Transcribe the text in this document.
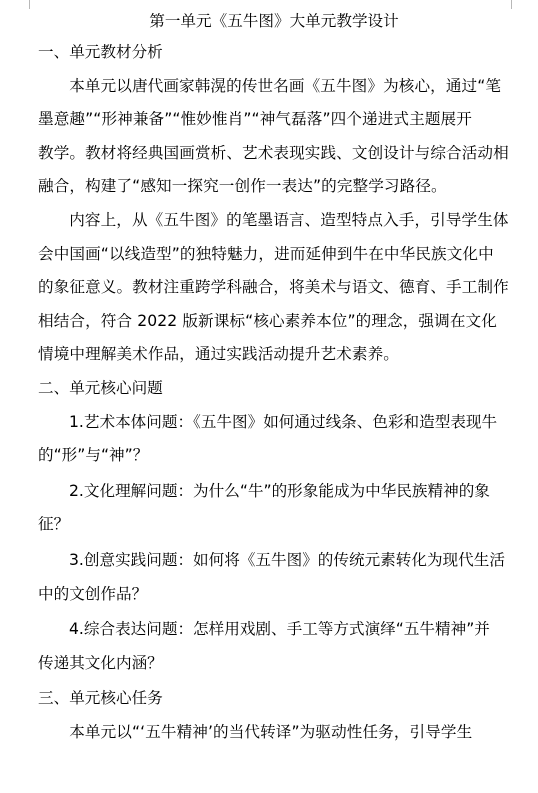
第一单元《五牛图》大单元教学设计
一、单元教材分析
本单元以唐代画家韩滉的传世名画《五牛图》为核心，通过“笔
墨意趣”“形神兼备”“惟妙惟肖”“神气磊落”四个递进式主题展开
教学。教材将经典国画赏析、艺术表现实践、文创设计与综合活动相
融合，构建了“感知一探究一创作一表达”的完整学习路径。
内容上，从《五牛图》的笔墨语言、造型特点入手，引导学生体
会中国画“以线造型”的独特魅力，进而延伸到牛在中华民族文化中
的象征意义。教材注重跨学科融合，将美术与语文、德育、手工制作
相结合，符合 2022 版新课标“核心素养本位”的理念，强调在文化
情境中理解美术作品，通过实践活动提升艺术素养。
二、单元核心问题
1.艺术本体问题：《五牛图》如何通过线条、色彩和造型表现牛
的“形”与“神”？
2.文化理解问题：为什么“牛”的形象能成为中华民族精神的象
征？
3.创意实践问题：如何将《五牛图》的传统元素转化为现代生活
中的文创作品？
4.综合表达问题：怎样用戏剧、手工等方式演绎“五牛精神”并
传递其文化内涵？
三、单元核心任务
本单元以“‘五牛精神’的当代转译”为驱动性任务，引导学生
